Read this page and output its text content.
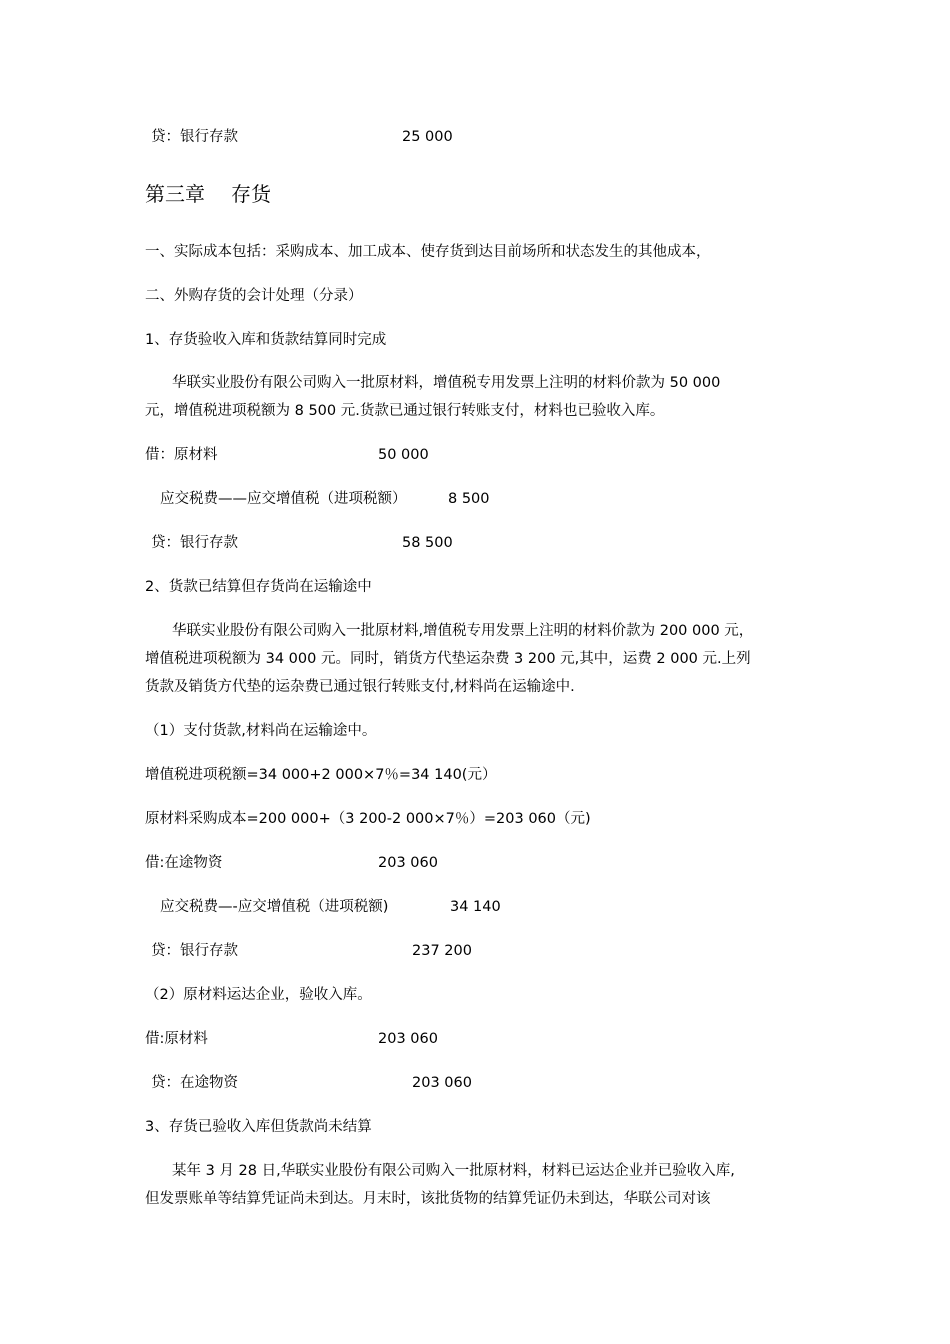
贷：银行存款	25 000
第三章 存货
一、实际成本包括：采购成本、加工成本、使存货到达目前场所和状态发生的其他成本，
二、外购存货的会计处理（分录）
1、存货验收入库和货款结算同时完成
华联实业股份有限公司购入一批原材料，增值税专用发票上注明的材料价款为 50 000
元，增值税进项税额为 8 500 元.货款已通过银行转账支付，材料也已验收入库。
借：原材料	50 000
应交税费——应交增值税（进项税额）	8 500
贷：银行存款	58 500
2、货款已结算但存货尚在运输途中
华联实业股份有限公司购入一批原材料,增值税专用发票上注明的材料价款为 200 000 元，
增值税进项税额为 34 000 元。同时，销货方代垫运杂费 3 200 元,其中，运费 2 000 元.上列
货款及销货方代垫的运杂费已通过银行转账支付,材料尚在运输途中.
（1）支付货款,材料尚在运输途中。
增值税进项税额=34 000+2 000×7％=34 140(元）
原材料采购成本=200 000+（3 200-2 000×7％）=203 060（元)
借:在途物资	203 060
应交税费—-应交增值税（进项税额)	34 140
贷：银行存款	237 200
（2）原材料运达企业，验收入库。
借:原材料	203 060
贷：在途物资	203 060
3、存货已验收入库但货款尚未结算
某年 3 月 28 日,华联实业股份有限公司购入一批原材料，材料已运达企业并已验收入库,
但发票账单等结算凭证尚未到达。月末时，该批货物的结算凭证仍未到达，华联公司对该
